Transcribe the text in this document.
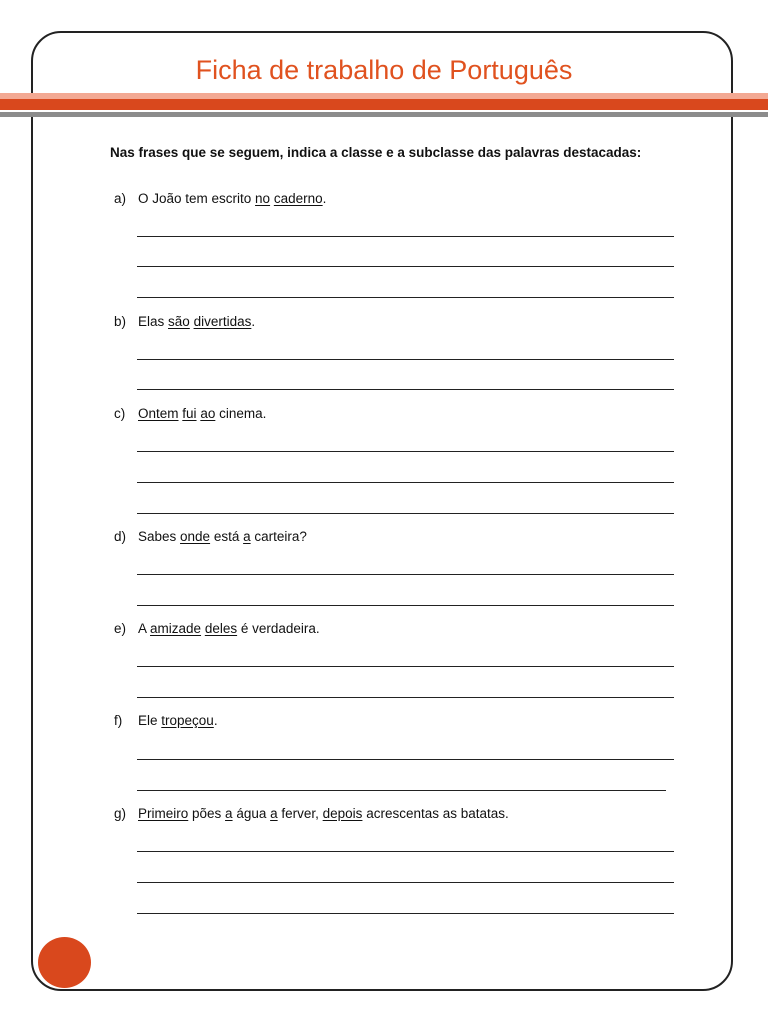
Ficha de trabalho de Português

Nas frases que se seguem, indica a classe e a subclasse das palavras destacadas:

a) O João tem escrito no caderno.
b) Elas são divertidas.
c) Ontem fui ao cinema.
d) Sabes onde está a carteira?
e) A amizade deles é verdadeira.
f) Ele tropeçou.
g) Primeiro pões a água a ferver, depois acrescentas as batatas.
